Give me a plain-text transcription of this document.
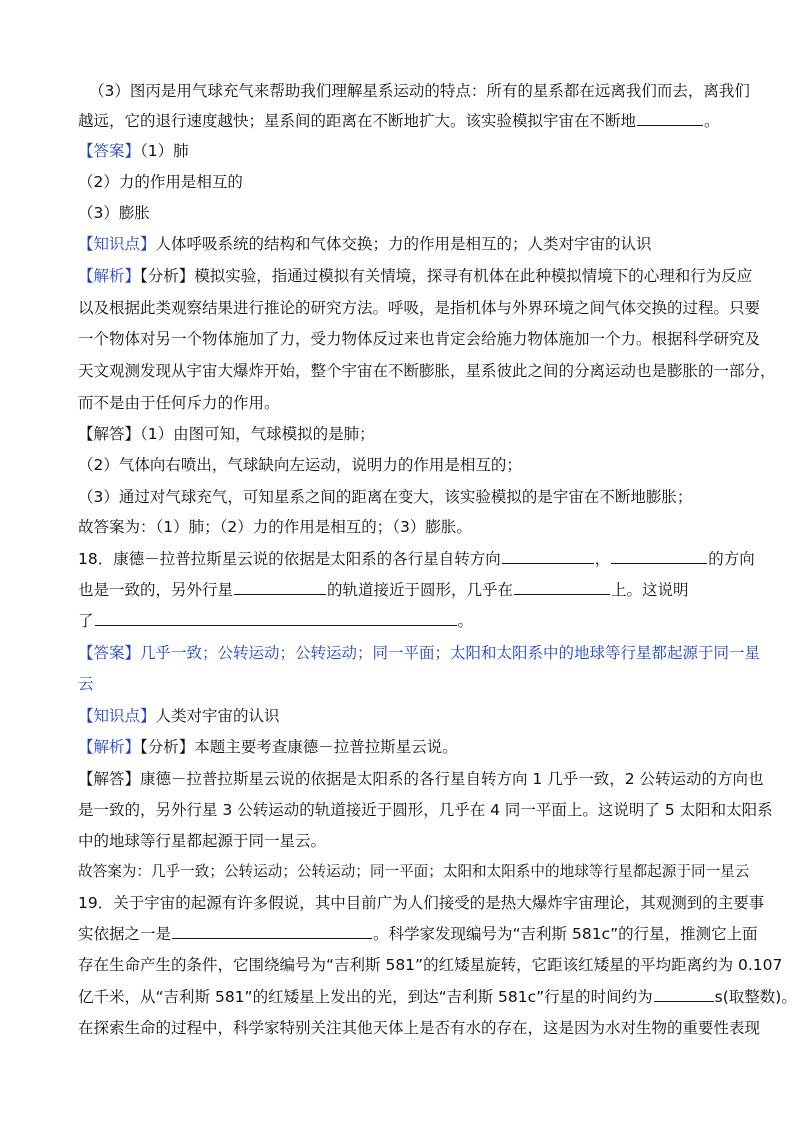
（3）图丙是用气球充气来帮助我们理解星系运动的特点：所有的星系都在远离我们而去，离我们
越远，它的退行速度越快；星系间的距离在不断地扩大。该实验模拟宇宙在不断地	。
【答案】（1）肺
（2）力的作用是相互的
（3）膨胀
【知识点】人体呼吸系统的结构和气体交换；力的作用是相互的；人类对宇宙的认识
【解析】【分析】模拟实验，指通过模拟有关情境，探寻有机体在此种模拟情境下的心理和行为反应
以及根据此类观察结果进行推论的研究方法。呼吸，是指机体与外界环境之间气体交换的过程。只要
一个物体对另一个物体施加了力，受力物体反过来也肯定会给施力物体施加一个力。根据科学研究及
天文观测发现从宇宙大爆炸开始，整个宇宙在不断膨胀，星系彼此之间的分离运动也是膨胀的一部分，
而不是由于任何斥力的作用。
【解答】（1）由图可知，气球模拟的是肺；
（2）气体向右喷出，气球缺向左运动，说明力的作用是相互的；
（3）通过对气球充气，可知星系之间的距离在变大，该实验模拟的是宇宙在不断地膨胀；
故答案为：（1）肺；（2）力的作用是相互的；（3）膨胀。
18．康德－拉普拉斯星云说的依据是太阳系的各行星自转方向	，	的方向
也是一致的，另外行星	的轨道接近于圆形，几乎在	上。这说明
了	。
【答案】几乎一致；公转运动；公转运动；同一平面；太阳和太阳系中的地球等行星都起源于同一星
云
【知识点】人类对宇宙的认识
【解析】【分析】本题主要考查康德－拉普拉斯星云说。
【解答】康德－拉普拉斯星云说的依据是太阳系的各行星自转方向 1 几乎一致，2 公转运动的方向也
是一致的，另外行星 3 公转运动的轨道接近于圆形，几乎在 4 同一平面上。这说明了 5 太阳和太阳系
中的地球等行星都起源于同一星云。
故答案为：几乎一致；公转运动；公转运动；同一平面；太阳和太阳系中的地球等行星都起源于同一星云
19．关于宇宙的起源有许多假说，其中目前广为人们接受的是热大爆炸宇宙理论，其观测到的主要事
实依据之一是	。科学家发现编号为“吉利斯 581c”的行星，推测它上面
存在生命产生的条件，它围绕编号为“吉利斯 581”的红矮星旋转，它距该红矮星的平均距离约为 0.107
亿千米，从“吉利斯 581”的红矮星上发出的光，到达“吉利斯 581c”行星的时间约为	s(取整数)。
在探索生命的过程中，科学家特别关注其他天体上是否有水的存在，这是因为水对生物的重要性表现
